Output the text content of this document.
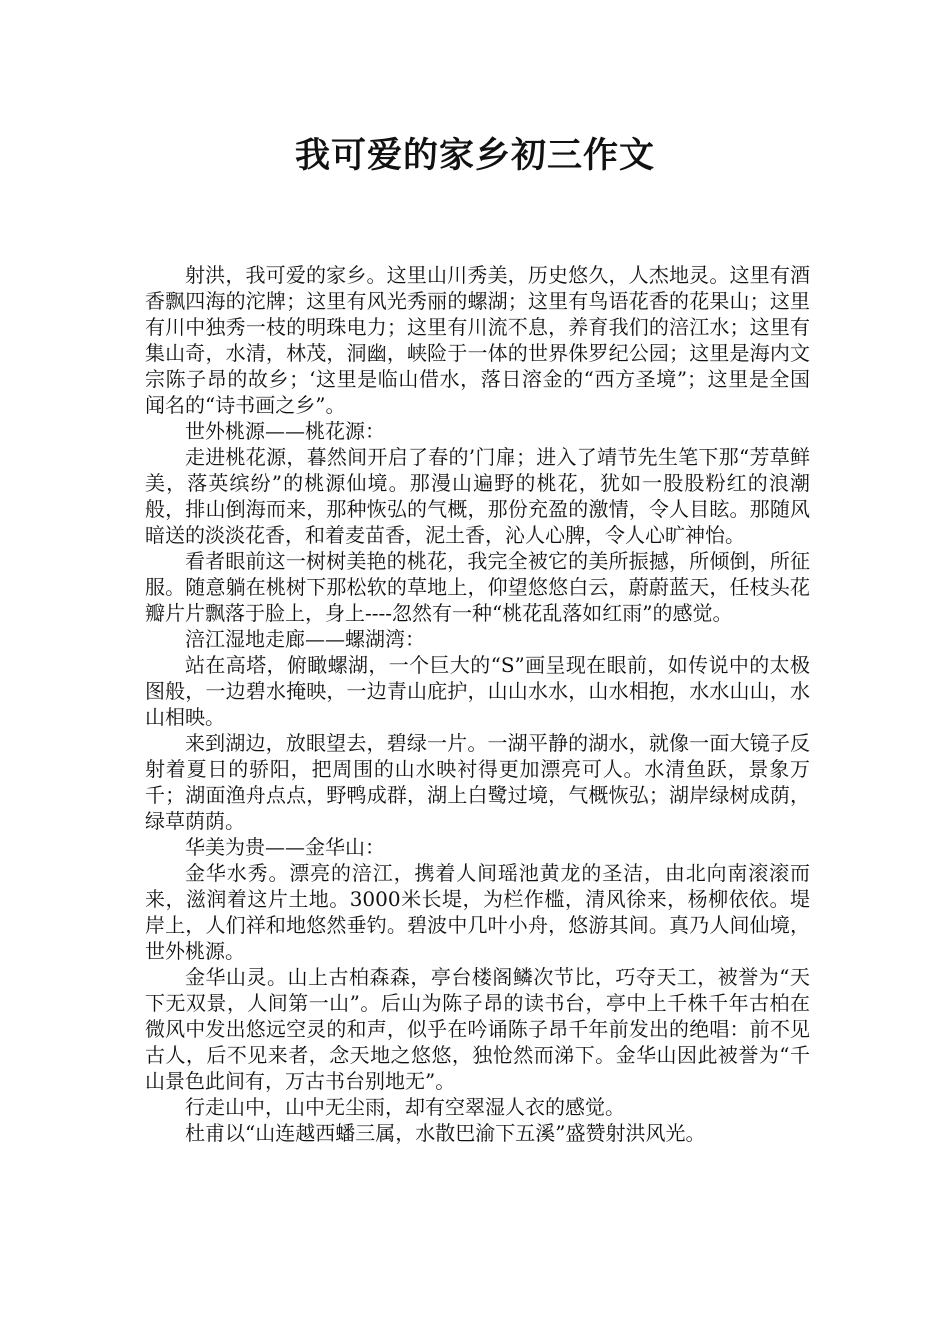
我可爱的家乡初三作文

射洪，我可爱的家乡。这里山川秀美，历史悠久，人杰地灵。这里有酒香飘四海的沱牌；这里有风光秀丽的螺湖；这里有鸟语花香的花果山；这里有川中独秀一枝的明珠电力；这里有川流不息，养育我们的涪江水；这里有集山奇，水清，林茂，洞幽，峡险于一体的世界侏罗纪公园；这里是海内文宗陈子昂的故乡；‘这里是临山借水，落日溶金的“西方圣境”；这里是全国闻名的“诗书画之乡”。

世外桃源——桃花源：

走进桃花源，暮然间开启了春的’门扉；进入了靖节先生笔下那“芳草鲜美，落英缤纷”的桃源仙境。那漫山遍野的桃花，犹如一股股粉红的浪潮般，排山倒海而来，那种恢弘的气概，那份充盈的激情，令人目眩。那随风暗送的淡淡花香，和着麦苗香，泥土香，沁人心脾，令人心旷神怡。

看者眼前这一树树美艳的桃花，我完全被它的美所振撼，所倾倒，所征服。随意躺在桃树下那松软的草地上，仰望悠悠白云，蔚蔚蓝天，任枝头花瓣片片飘落于脸上，身上----忽然有一种“桃花乱落如红雨”的感觉。

涪江湿地走廊——螺湖湾：

站在高塔，俯瞰螺湖，一个巨大的“S”画呈现在眼前，如传说中的太极图般，一边碧水掩映，一边青山庇护，山山水水，山水相抱，水水山山，水山相映。

来到湖边，放眼望去，碧绿一片。一湖平静的湖水，就像一面大镜子反射着夏日的骄阳，把周围的山水映衬得更加漂亮可人。水清鱼跃，景象万千；湖面渔舟点点，野鸭成群，湖上白鹭过境，气概恢弘；湖岸绿树成荫，绿草荫荫。

华美为贵——金华山：

金华水秀。漂亮的涪江，携着人间瑶池黄龙的圣洁，由北向南滚滚而来，滋润着这片土地。3000米长堤，为栏作槛，清风徐来，杨柳依依。堤岸上，人们祥和地悠然垂钓。碧波中几叶小舟，悠游其间。真乃人间仙境，世外桃源。

金华山灵。山上古柏森森，亭台楼阁鳞次节比，巧夺天工，被誉为“天下无双景，人间第一山”。后山为陈子昂的读书台，亭中上千株千年古柏在微风中发出悠远空灵的和声，似乎在吟诵陈子昂千年前发出的绝唱：前不见古人，后不见来者，念天地之悠悠，独怆然而涕下。金华山因此被誉为“千山景色此间有，万古书台别地无”。

行走山中，山中无尘雨，却有空翠湿人衣的感觉。

杜甫以“山连越西蟠三属，水散巴渝下五溪”盛赞射洪风光。
